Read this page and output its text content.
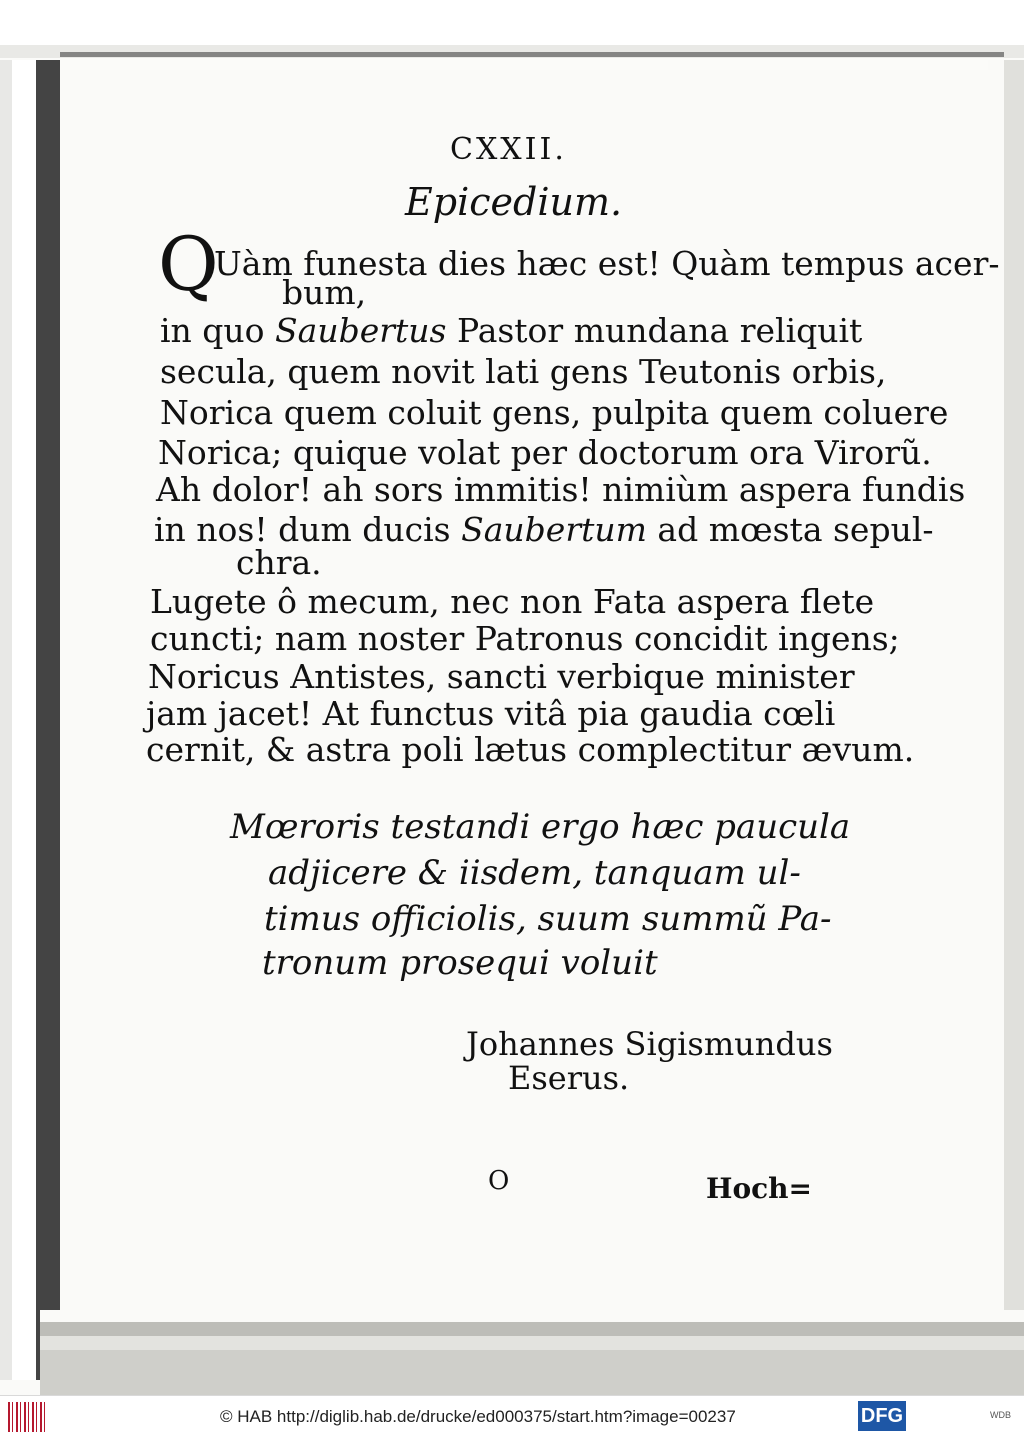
CXXII.
Epicedium.
Q
Uàm funesta dies hæc est! Quàm tempus acer-
bum,
in quo Saubertus Pastor mundana reliquit
secula, quem novit lati gens Teutonis orbis,
Norica quem coluit gens, pulpita quem coluere
Norica; quique volat per doctorum ora Virorũ.
Ah dolor! ah sors immitis! nimiùm aspera fundis
in nos! dum ducis Saubertum ad mœsta sepul-
chra.
Lugete ô mecum, nec non Fata aspera flete
cuncti; nam noster Patronus concidit ingens;
Noricus Antistes, sancti verbique minister
jam jacet! At functus vitâ pia gaudia cœli
cernit, & astra poli lætus complectitur ævum.
Mœroris testandi ergo hæc paucula
adjicere & iisdem, tanquam ul-
timus officiolis, suum summũ Pa-
tronum prosequi voluit
Johannes Sigismundus
Eserus.
O	Hoch=
© HAB http://diglib.hab.de/drucke/ed000375/start.htm?image=00237	DFG	WDB
